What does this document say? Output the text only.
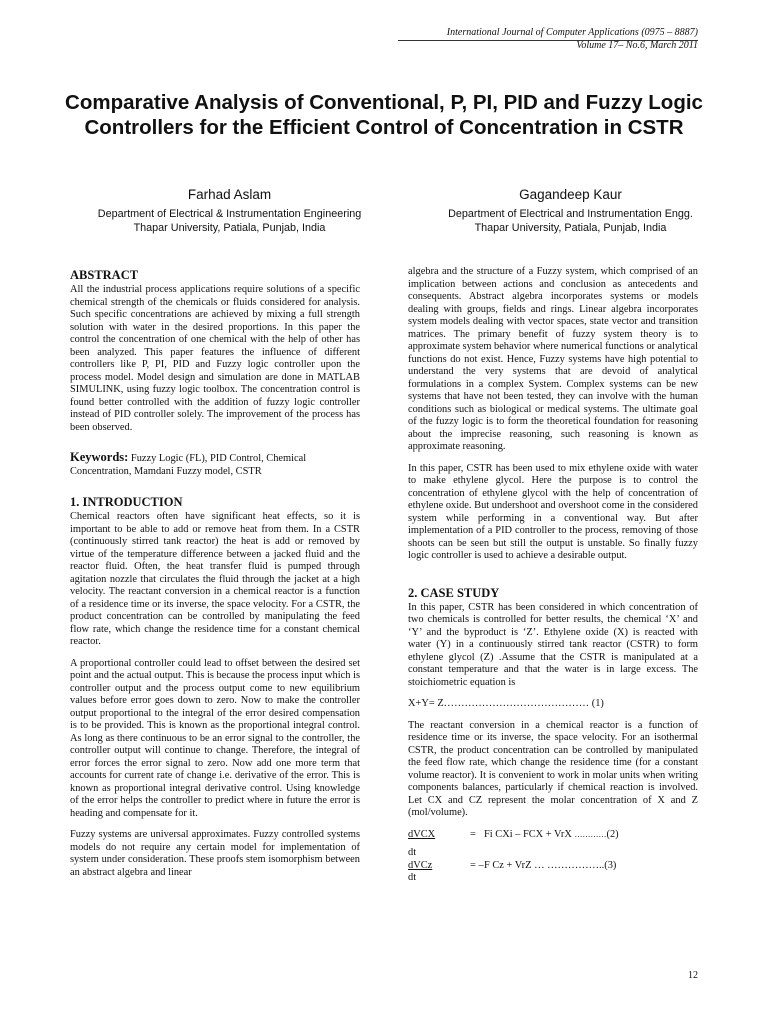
International Journal of Computer Applications (0975 – 8887)
Volume 17– No.6, March 2011
Comparative Analysis of Conventional, P, PI, PID and Fuzzy Logic Controllers for the Efficient Control of Concentration in CSTR
Farhad Aslam
Department of Electrical & Instrumentation Engineering
Thapar University, Patiala, Punjab, India
Gagandeep Kaur
Department of Electrical and Instrumentation Engg.
Thapar University, Patiala, Punjab, India
ABSTRACT

All the industrial process applications require solutions of a specific chemical strength of the chemicals or fluids considered for analysis. Such specific concentrations are achieved by mixing a full strength solution with water in the desired proportions. In this paper the control the concentration of one chemical with the help of other has been analyzed. This paper features the influence of different controllers like P, PI, PID and Fuzzy logic controller upon the process model. Model design and simulation are done in MATLAB SIMULINK, using fuzzy logic toolbox. The concentration control is found better controlled with the addition of fuzzy logic controller instead of PID controller solely. The improvement of the process has been observed.

Keywords: Fuzzy Logic (FL), PID Control, Chemical Concentration, Mamdani Fuzzy model, CSTR

1. INTRODUCTION

Chemical reactors often have significant heat effects, so it is important to be able to add or remove heat from them. In a CSTR (continuously stirred tank reactor) the heat is add or removed by virtue of the temperature difference between a jacked fluid and the reactor fluid. Often, the heat transfer fluid is pumped through agitation nozzle that circulates the fluid through the jacket at a high velocity. The reactant conversion in a chemical reactor is a function of a residence time or its inverse, the space velocity. For a CSTR, the product concentration can be controlled by manipulating the feed flow rate, which change the residence time for a constant chemical reactor.

A proportional controller could lead to offset between the desired set point and the actual output. This is because the process input which is controller output and the process output come to new equilibrium values before error goes down to zero. Now to make the controller output proportional to the integral of the error desired compensation is to be provided. This is known as the proportional integral control. As long as there continuous to be an error signal to the controller, the controller output will continue to change. Therefore, the integral of error forces the error signal to zero. Now add one more term that accounts for current rate of change i.e. derivative of the error. This is known as proportional integral derivative control. Using knowledge of the error helps the controller to predict where in future the error is heading and compensate for it.

Fuzzy systems are universal approximates. Fuzzy controlled systems models do not require any certain model for implementation of system under consideration. These proofs stem isomorphism between an abstract algebra and linear

algebra and the structure of a Fuzzy system, which comprised of an implication between actions and conclusion as antecedents and consequents. Abstract algebra incorporates systems or models dealing with groups, fields and rings. Linear algebra incorporates system models dealing with vector spaces, state vector and transition matrices. The primary benefit of fuzzy system theory is to approximate system behavior where numerical functions or analytical functions do not exist. Hence, Fuzzy systems have high potential to understand the very systems that are devoid of analytical formulations in a complex System. Complex systems can be new systems that have not been tested, they can involve with the human conditions such as biological or medical systems. The ultimate goal of the fuzzy logic is to form the theoretical foundation for reasoning about the imprecise reasoning, such reasoning is known as approximate reasoning.

In this paper, CSTR has been used to mix ethylene oxide with water to make ethylene glycol. Here the purpose is to control the concentration of ethylene glycol with the help of concentration of ethylene oxide. But undershoot and overshoot come in the considered system while performing in a conventional way. But after implementation of a PID controller to the process, removing of those shoots can be seen but still the output is unstable. So finally fuzzy logic controller is used to achieve a desirable output.

2. CASE STUDY

In this paper, CSTR has been considered in which concentration of two chemicals is controlled for better results, the chemical ‘X’ and ‘Y’ and the byproduct is ‘Z’. Ethylene oxide (X) is reacted with water (Y) in a continuously stirred tank reactor (CSTR) to form ethylene glycol (Z) .Assume that the CSTR is manipulated at a constant temperature and that the water is in large excess. The stoichiometric equation is

X+Y= Z…………………………………… (1)

The reactant conversion in a chemical reactor is a function of residence time or its inverse, the space velocity. For an isothermal CSTR, the product concentration can be controlled by manipulated the feed flow rate, which change the residence time (for a constant volume reactor). It is convenient to work in molar units when writing components balances, particularly if chemical reaction is involved. Let CX and CZ represent the molar concentration of X and Z (mol/volume).

dVCX	= Fi CXi – FCX + VrX …………(2)
dt
dVCz	= – F Cz + VrZ … ……………..(3)
dt
12
